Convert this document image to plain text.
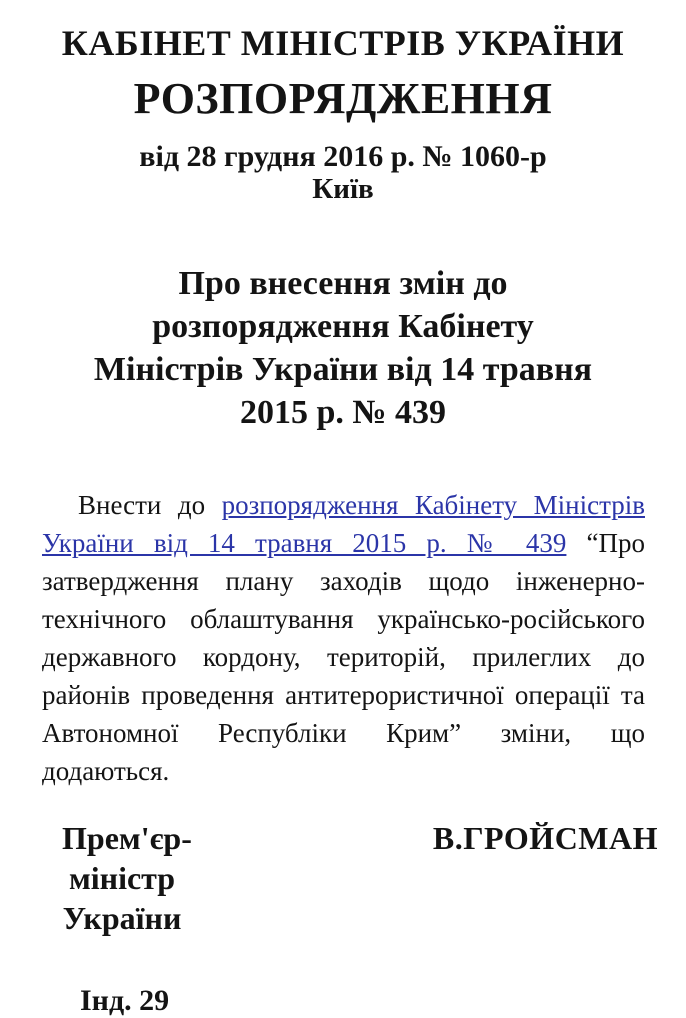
КАБІНЕТ МІНІСТРІВ УКРАЇНИ
РОЗПОРЯДЖЕННЯ
від 28 грудня 2016 р. № 1060-р
Київ
Про внесення змін до
розпорядження Кабінету
Міністрів України від 14 травня
2015 р. № 439

Внести до розпорядження Кабінету Міністрів України від 14 травня 2015 р. № 439 “Про затвердження плану заходів щодо інженерно-технічного облаштування українсько-російського державного кордону, територій, прилеглих до районів проведення антитерористичної операції та Автономної Республіки Крим” зміни, що додаються.

Прем'єр-
міністр
України
В.ГРОЙСМАН
Інд. 29
